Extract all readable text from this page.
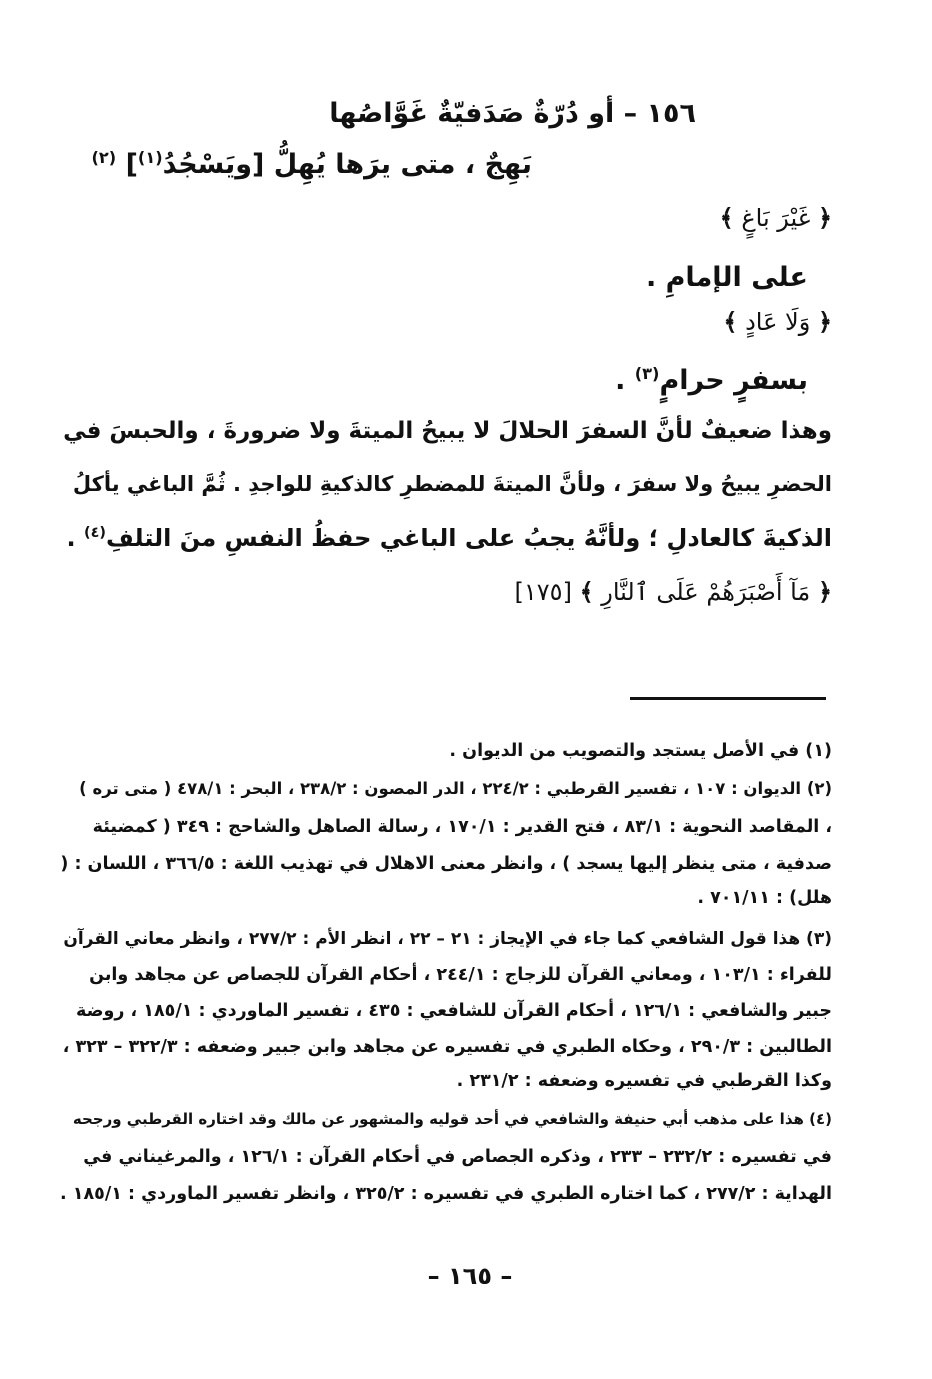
١٥٦ – أو دُرّةٌ صَدَفيّةٌ غَوَّاصُها
بَهِجٌ ، متى يرَها يُهِلُّ [ويَسْجُدُ$^{(١)}$] $^{(٢)}$
﴿ غَيْرَ بَاغٍ ﴾
على الإمامِ .
﴿ وَلَا عَادٍ ﴾
بسفرٍ حرامٍ$^{(٣)}$ .
وهذا ضعيفٌ لأنَّ السفرَ الحلالَ لا يبيحُ الميتةَ ولا ضرورةَ ، والحبسَ في
الحضرِ يبيحُ ولا سفرَ ، ولأنَّ الميتةَ للمضطرِ كالذكيةِ للواجدِ . ثُمَّ الباغي يأكلُ
الذكيةَ كالعادلِ ؛ ولأنَّهُ يجبُ على الباغي حفظُ النفسِ منَ التلفِ$^{(٤)}$ .
﴿ مَآ أَصْبَرَهُمْ عَلَى ٱلنَّارِ ﴾ [١٧٥]
(١) في الأصل يستجد والتصويب من الديوان .
(٢) الديوان : ١٠٧ ، تفسير القرطبي : ٢٢٤/٢ ، الدر المصون : ٢٣٨/٢ ، البحر : ٤٧٨/١ ( متى تره )
، المقاصد النحوية : ٨٣/١ ، فتح القدير : ١٧٠/١ ، رسالة الصاهل والشاحج : ٣٤٩ ( كمضيئة
صدفية ، متى ينظر إليها يسجد ) ، وانظر معنى الاهلال في تهذيب اللغة : ٣٦٦/٥ ، اللسان : (
هلل) : ٧٠١/١١ .
(٣) هذا قول الشافعي كما جاء في الإيجاز : ٢١ – ٢٢ ، انظر الأم : ٢٧٧/٢ ، وانظر معاني القرآن
للفراء : ١٠٣/١ ، ومعاني القرآن للزجاج : ٢٤٤/١ ، أحكام القرآن للجصاص عن مجاهد وابن
جبير والشافعي : ١٢٦/١ ، أحكام القرآن للشافعي : ٤٣٥ ، تفسير الماوردي : ١٨٥/١ ، روضة
الطالبين : ٢٩٠/٣ ، وحكاه الطبري في تفسيره عن مجاهد وابن جبير وضعفه : ٣٢٢/٣ – ٣٢٣ ،
وكذا القرطبي في تفسيره وضعفه : ٢٣١/٢ .
(٤) هذا على مذهب أبي حنيفة والشافعي في أحد قوليه والمشهور عن مالك وقد اختاره القرطبي ورجحه
في تفسيره : ٢٣٢/٢ – ٢٣٣ ، وذكره الجصاص في أحكام القرآن : ١٢٦/١ ، والمرغيناني في
الهداية : ٢٧٧/٢ ، كما اختاره الطبري في تفسيره : ٣٢٥/٢ ، وانظر تفسير الماوردي : ١٨٥/١ .
– ١٦٥ –
